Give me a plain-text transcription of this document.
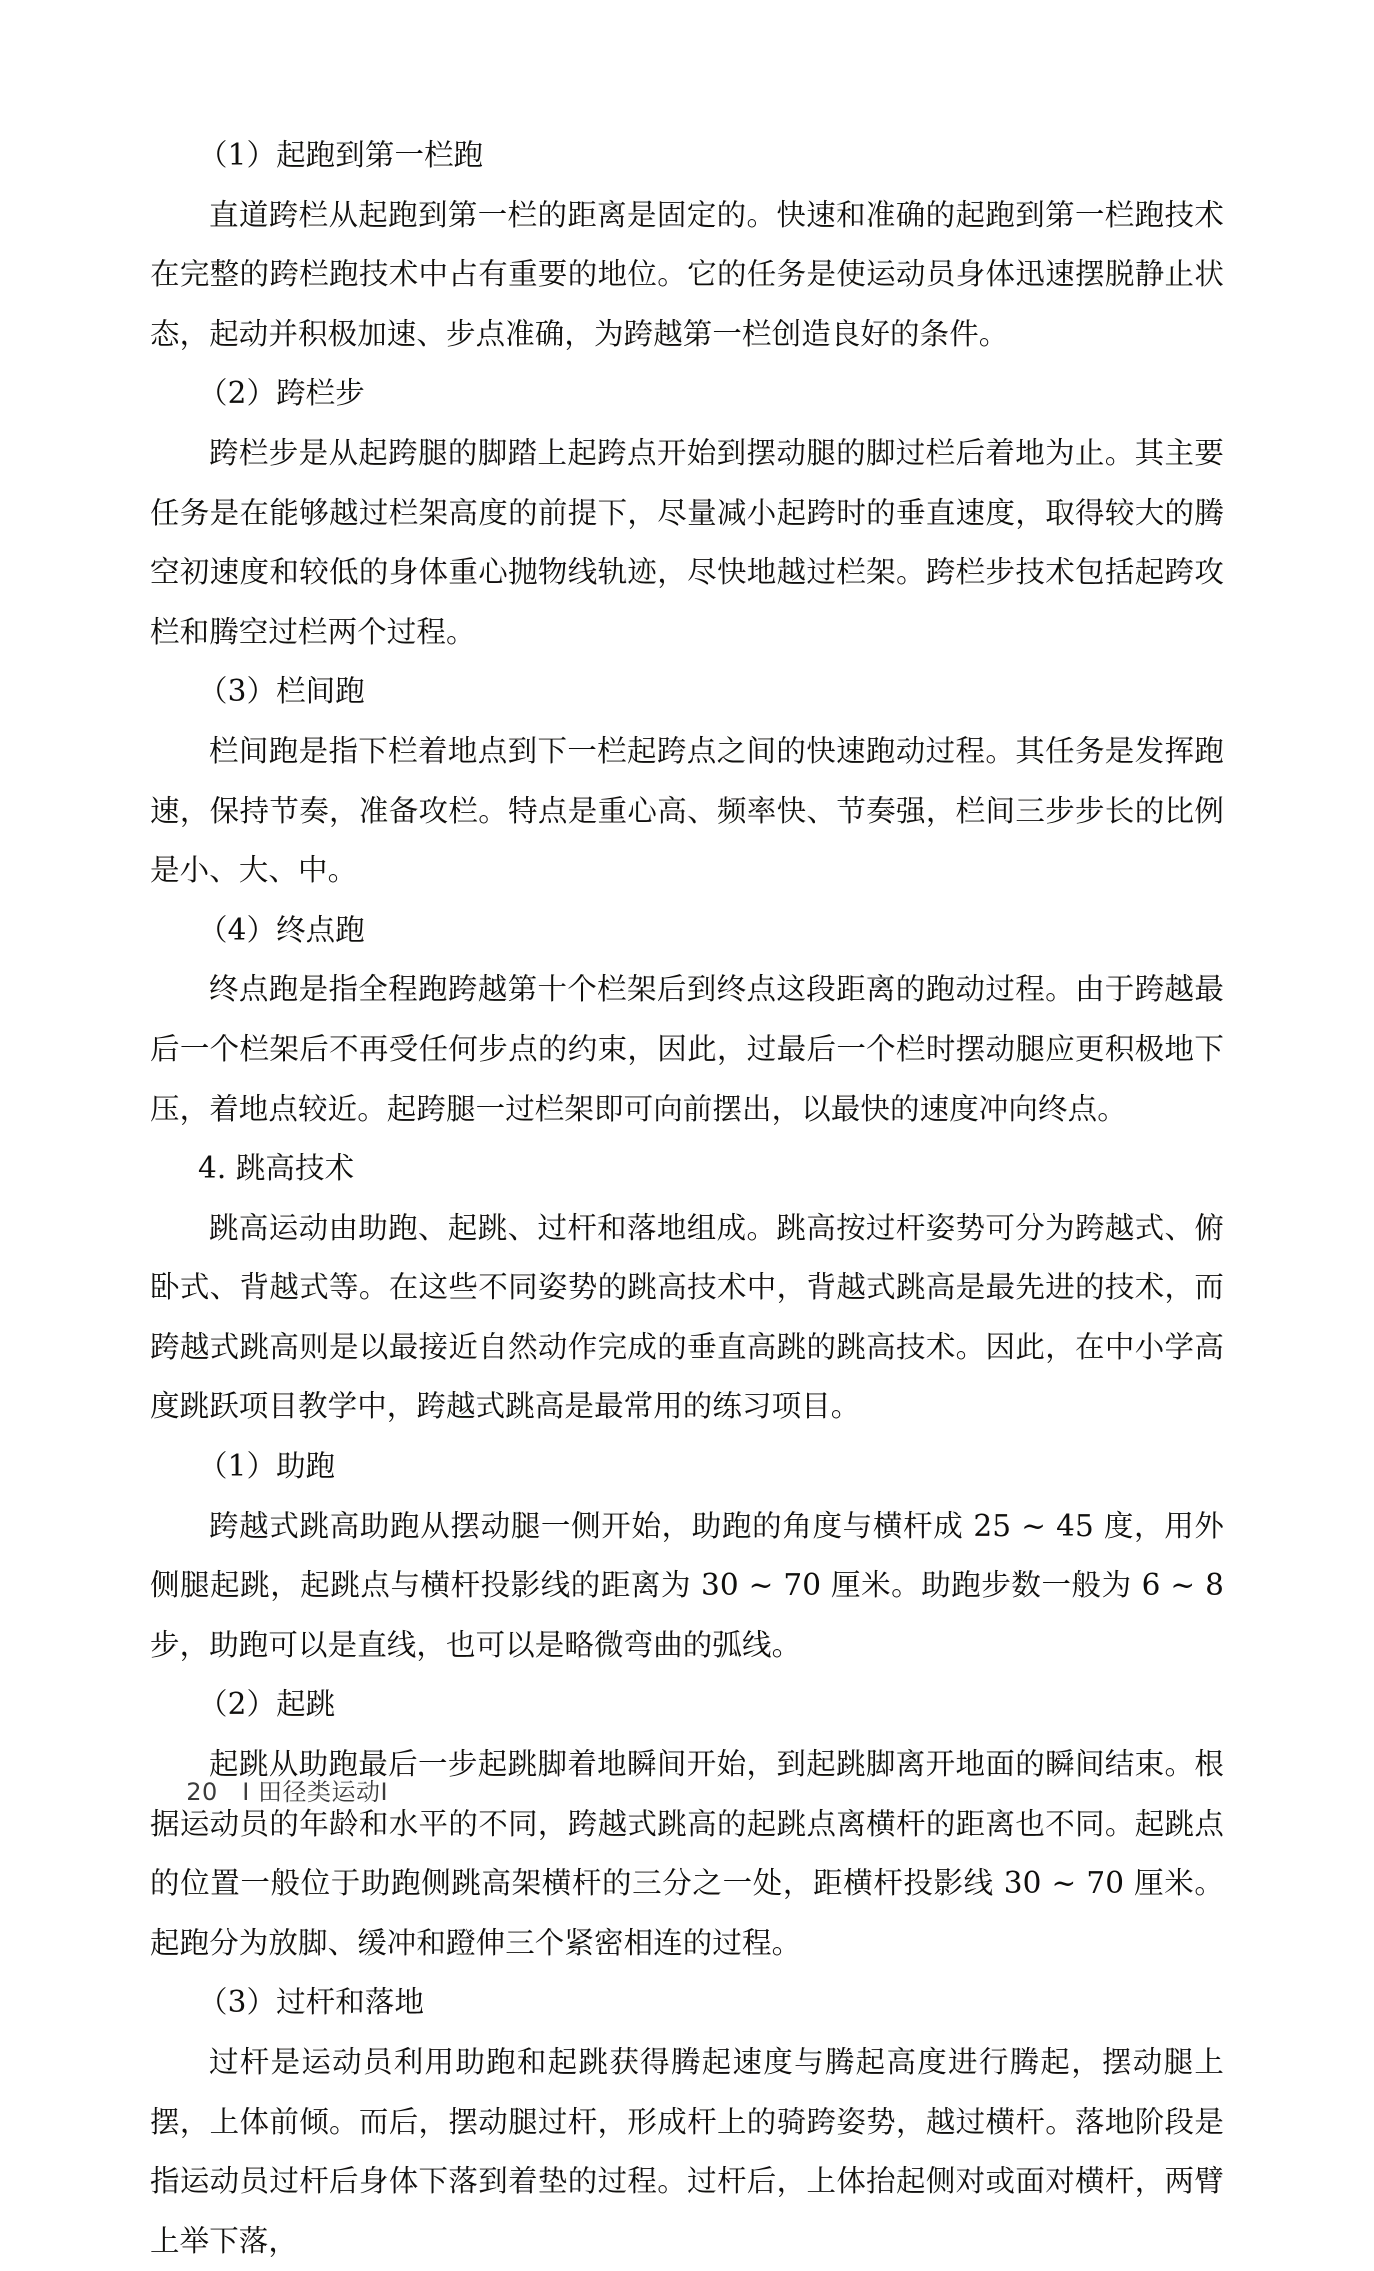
（1）起跑到第一栏跑
直道跨栏从起跑到第一栏的距离是固定的。快速和准确的起跑到第一栏跑技术在完整的跨栏跑技术中占有重要的地位。它的任务是使运动员身体迅速摆脱静止状态，起动并积极加速、步点准确，为跨越第一栏创造良好的条件。
（2）跨栏步
跨栏步是从起跨腿的脚踏上起跨点开始到摆动腿的脚过栏后着地为止。其主要任务是在能够越过栏架高度的前提下，尽量减小起跨时的垂直速度，取得较大的腾空初速度和较低的身体重心抛物线轨迹，尽快地越过栏架。跨栏步技术包括起跨攻栏和腾空过栏两个过程。
（3）栏间跑
栏间跑是指下栏着地点到下一栏起跨点之间的快速跑动过程。其任务是发挥跑速，保持节奏，准备攻栏。特点是重心高、频率快、节奏强，栏间三步步长的比例是小、大、中。
（4）终点跑
终点跑是指全程跑跨越第十个栏架后到终点这段距离的跑动过程。由于跨越最后一个栏架后不再受任何步点的约束，因此，过最后一个栏时摆动腿应更积极地下压，着地点较近。起跨腿一过栏架即可向前摆出，以最快的速度冲向终点。
4. 跳高技术
跳高运动由助跑、起跳、过杆和落地组成。跳高按过杆姿势可分为跨越式、俯卧式、背越式等。在这些不同姿势的跳高技术中，背越式跳高是最先进的技术，而跨越式跳高则是以最接近自然动作完成的垂直高跳的跳高技术。因此，在中小学高度跳跃项目教学中，跨越式跳高是最常用的练习项目。
（1）助跑
跨越式跳高助跑从摆动腿一侧开始，助跑的角度与横杆成 25 ~ 45 度，用外侧腿起跳，起跳点与横杆投影线的距离为 30 ~ 70 厘米。助跑步数一般为 6 ~ 8 步，助跑可以是直线，也可以是略微弯曲的弧线。
（2）起跳
起跳从助跑最后一步起跳脚着地瞬间开始，到起跳脚离开地面的瞬间结束。根据运动员的年龄和水平的不同，跨越式跳高的起跳点离横杆的距离也不同。起跳点的位置一般位于助跑侧跳高架横杆的三分之一处，距横杆投影线 30 ~ 70 厘米。起跑分为放脚、缓冲和蹬伸三个紧密相连的过程。
（3）过杆和落地
过杆是运动员利用助跑和起跳获得腾起速度与腾起高度进行腾起，摆动腿上摆，上体前倾。而后，摆动腿过杆，形成杆上的骑跨姿势，越过横杆。落地阶段是指运动员过杆后身体下落到着垫的过程。过杆后，上体抬起侧对或面对横杆，两臂上举下落，

20　Ⅰ 田径类运动Ⅰ
